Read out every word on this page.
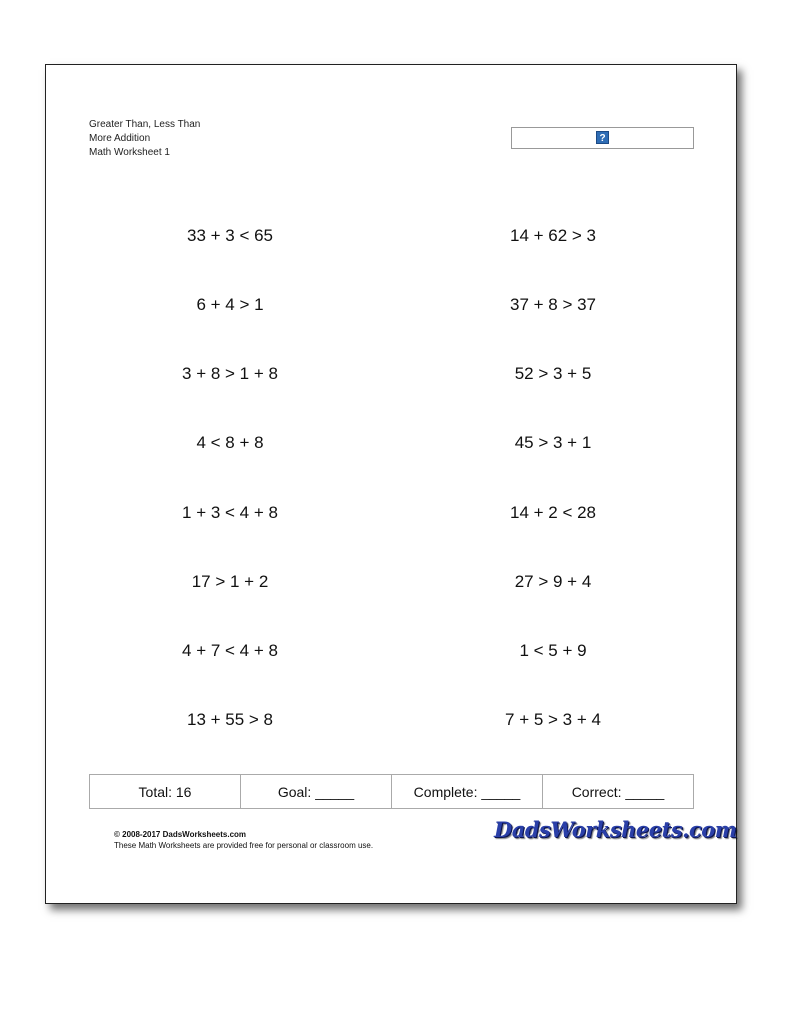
Greater Than, Less Than
More Addition
Math Worksheet 1
?
33 + 3 < 65	14 + 62 > 3
6 + 4 > 1	37 + 8 > 37
3 + 8 > 1 + 8	52 > 3 + 5
4 < 8 + 8	45 > 3 + 1
1 + 3 < 4 + 8	14 + 2 < 28
17 > 1 + 2	27 > 9 + 4
4 + 7 < 4 + 8	1 < 5 + 9
13 + 55 > 8	7 + 5 > 3 + 4
Total: 16	Goal: _____	Complete: _____	Correct: _____
© 2008-2017 DadsWorksheets.com
These Math Worksheets are provided free for personal or classroom use.
DadsWorksheets.com
